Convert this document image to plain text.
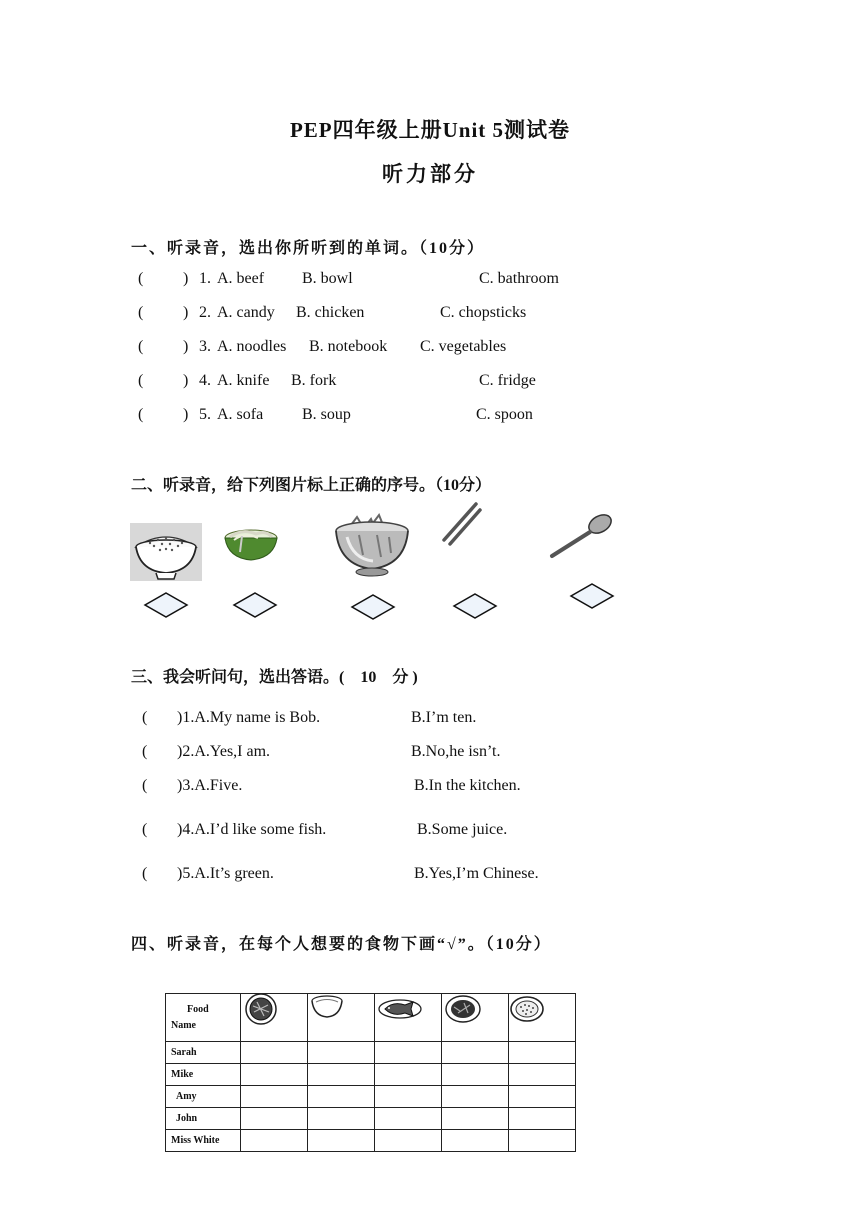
PEP四年级上册Unit 5测试卷
听力部分
一、听录音，选出你所听到的单词。（10分）
( ) 1. A. beef B. bowl	C. bathroom
( ) 2. A. candy B. chicken	C. chopsticks
( ) 3. A. noodles B. notebook C. vegetables
( ) 4. A. knife B. fork	C. fridge
( ) 5. A. sofa B. soup	C. spoon
二、听录音，给下列图片标上正确的序号。（10分）
三、我会听问句，选出答语。(　10　分 )
( )1.A.My name is Bob.	B.I’m ten.
( )2.A.Yes,I am.	B.No,he isn’t.
( )3.A.Five.	B.In the kitchen.
( )4.A.I’d like some fish.	B.Some juice.
( )5.A.It’s green.	B.Yes,I’m Chinese.
四、听录音，在每个人想要的食物下画“√”。（10分）
Food
Name

Sarah					
Mike					
Amy					
John					
Miss White					
